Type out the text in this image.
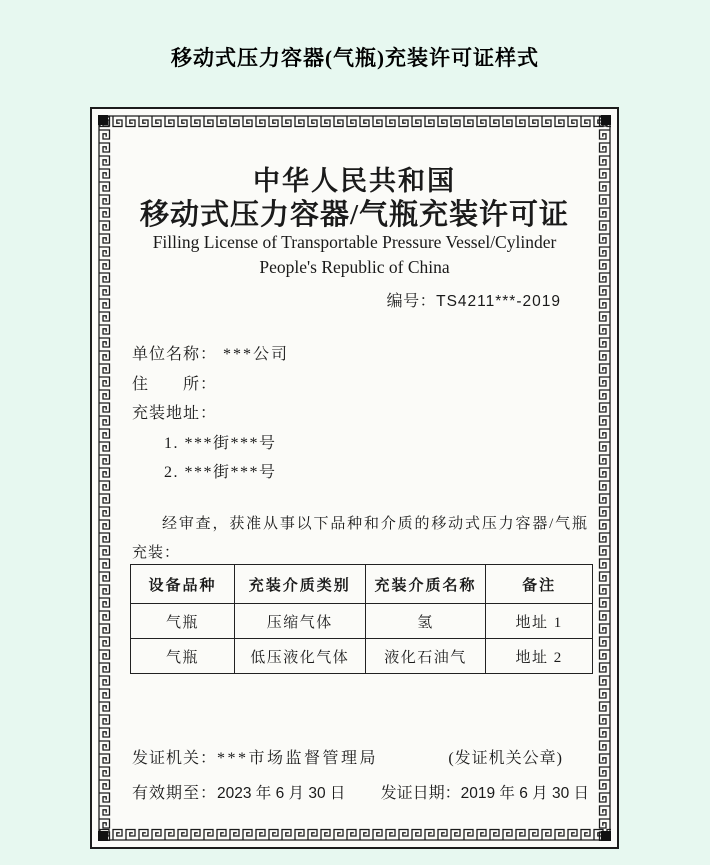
移动式压力容器(气瓶)充装许可证样式
中华人民共和国
移动式压力容器/气瓶充装许可证
Filling License of Transportable Pressure Vessel/Cylinder
People's Republic of China
编号：TS4211***-2019
单位名称： ***公司
住　　所：
充装地址：
1. ***街***号
2. ***街***号
经审查，获准从事以下品种和介质的移动式压力容器/气瓶
充装：
设备品种	充装介质类别	充装介质名称	备注
气瓶	压缩气体	氢	地址 1
气瓶	低压液化气体	液化石油气	地址 2
发证机关：***市场监督管理局	(发证机关公章)
有效期至：2023 年 6 月 30 日 发证日期：2019 年 6 月 30 日
